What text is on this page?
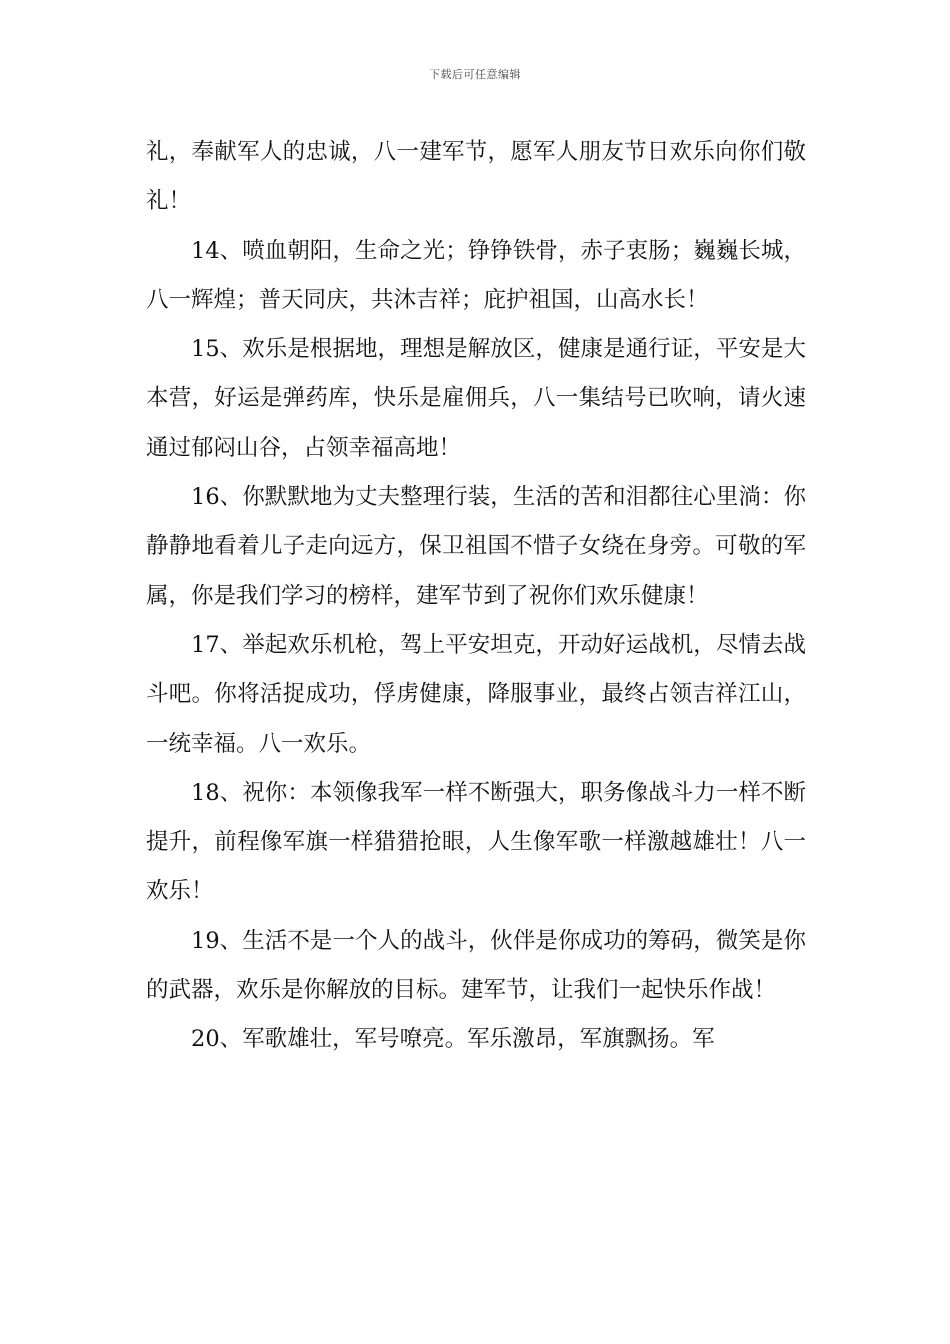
下载后可任意编辑

礼，奉献军人的忠诚，八一建军节，愿军人朋友节日欢乐向你们敬礼！

14、喷血朝阳，生命之光；铮铮铁骨，赤子衷肠；巍巍长城，八一辉煌；普天同庆，共沐吉祥；庇护祖国，山高水长！

15、欢乐是根据地，理想是解放区，健康是通行证，平安是大本营，好运是弹药库，快乐是雇佣兵，八一集结号已吹响，请火速通过郁闷山谷，占领幸福高地！

16、你默默地为丈夫整理行装，生活的苦和泪都往心里淌：你静静地看着儿子走向远方，保卫祖国不惜子女绕在身旁。可敬的军属，你是我们学习的榜样，建军节到了祝你们欢乐健康！

17、举起欢乐机枪，驾上平安坦克，开动好运战机，尽情去战斗吧。你将活捉成功，俘虏健康，降服事业，最终占领吉祥江山，一统幸福。八一欢乐。

18、祝你：本领像我军一样不断强大，职务像战斗力一样不断提升，前程像军旗一样猎猎抢眼，人生像军歌一样激越雄壮！八一欢乐！

19、生活不是一个人的战斗，伙伴是你成功的筹码，微笑是你的武器，欢乐是你解放的目标。建军节，让我们一起快乐作战！

20、军歌雄壮，军号嘹亮。军乐激昂，军旗飘扬。军
